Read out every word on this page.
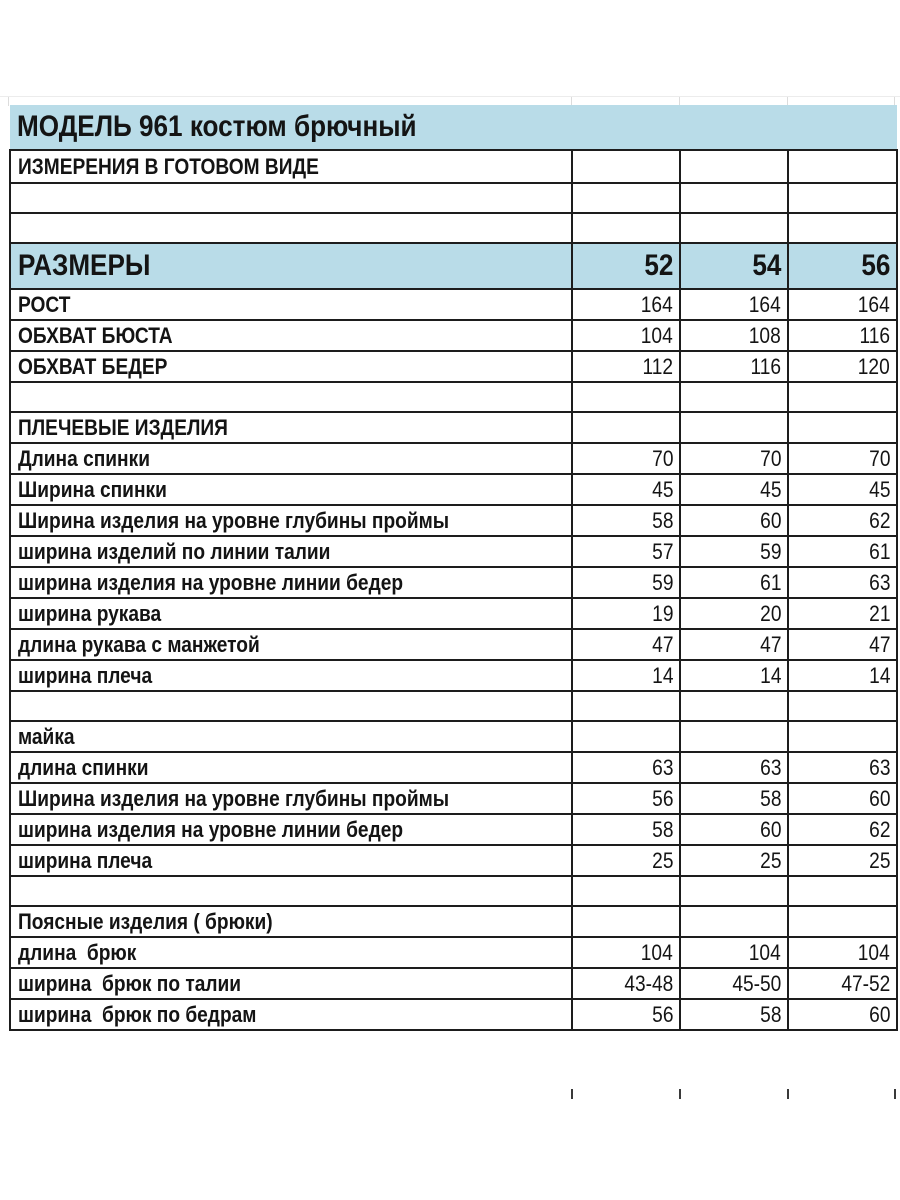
МОДЕЛЬ 961 костюм брючный			
ИЗМЕРЕНИЯ В ГОТОВОМ ВИДЕ			

РАЗМЕРЫ	52	54	56
РОСТ	164	164	164
ОБХВАТ БЮСТА	104	108	116
ОБХВАТ БЕДЕР	112	116	120

ПЛЕЧЕВЫЕ ИЗДЕЛИЯ			
Длина спинки	70	70	70
Ширина спинки	45	45	45
Ширина изделия на уровне глубины проймы	58	60	62
ширина изделий по линии талии	57	59	61
ширина изделия на уровне линии бедер	59	61	63
ширина рукава	19	20	21
длина рукава с манжетой	47	47	47
ширина плеча	14	14	14

майка			
длина спинки	63	63	63
Ширина изделия на уровне глубины проймы	56	58	60
ширина изделия на уровне линии бедер	58	60	62
ширина плеча	25	25	25

Поясные изделия ( брюки)			
длина  брюк	104	104	104
ширина  брюк по талии	43-48	45-50	47-52
ширина  брюк по бедрам	56	58	60
